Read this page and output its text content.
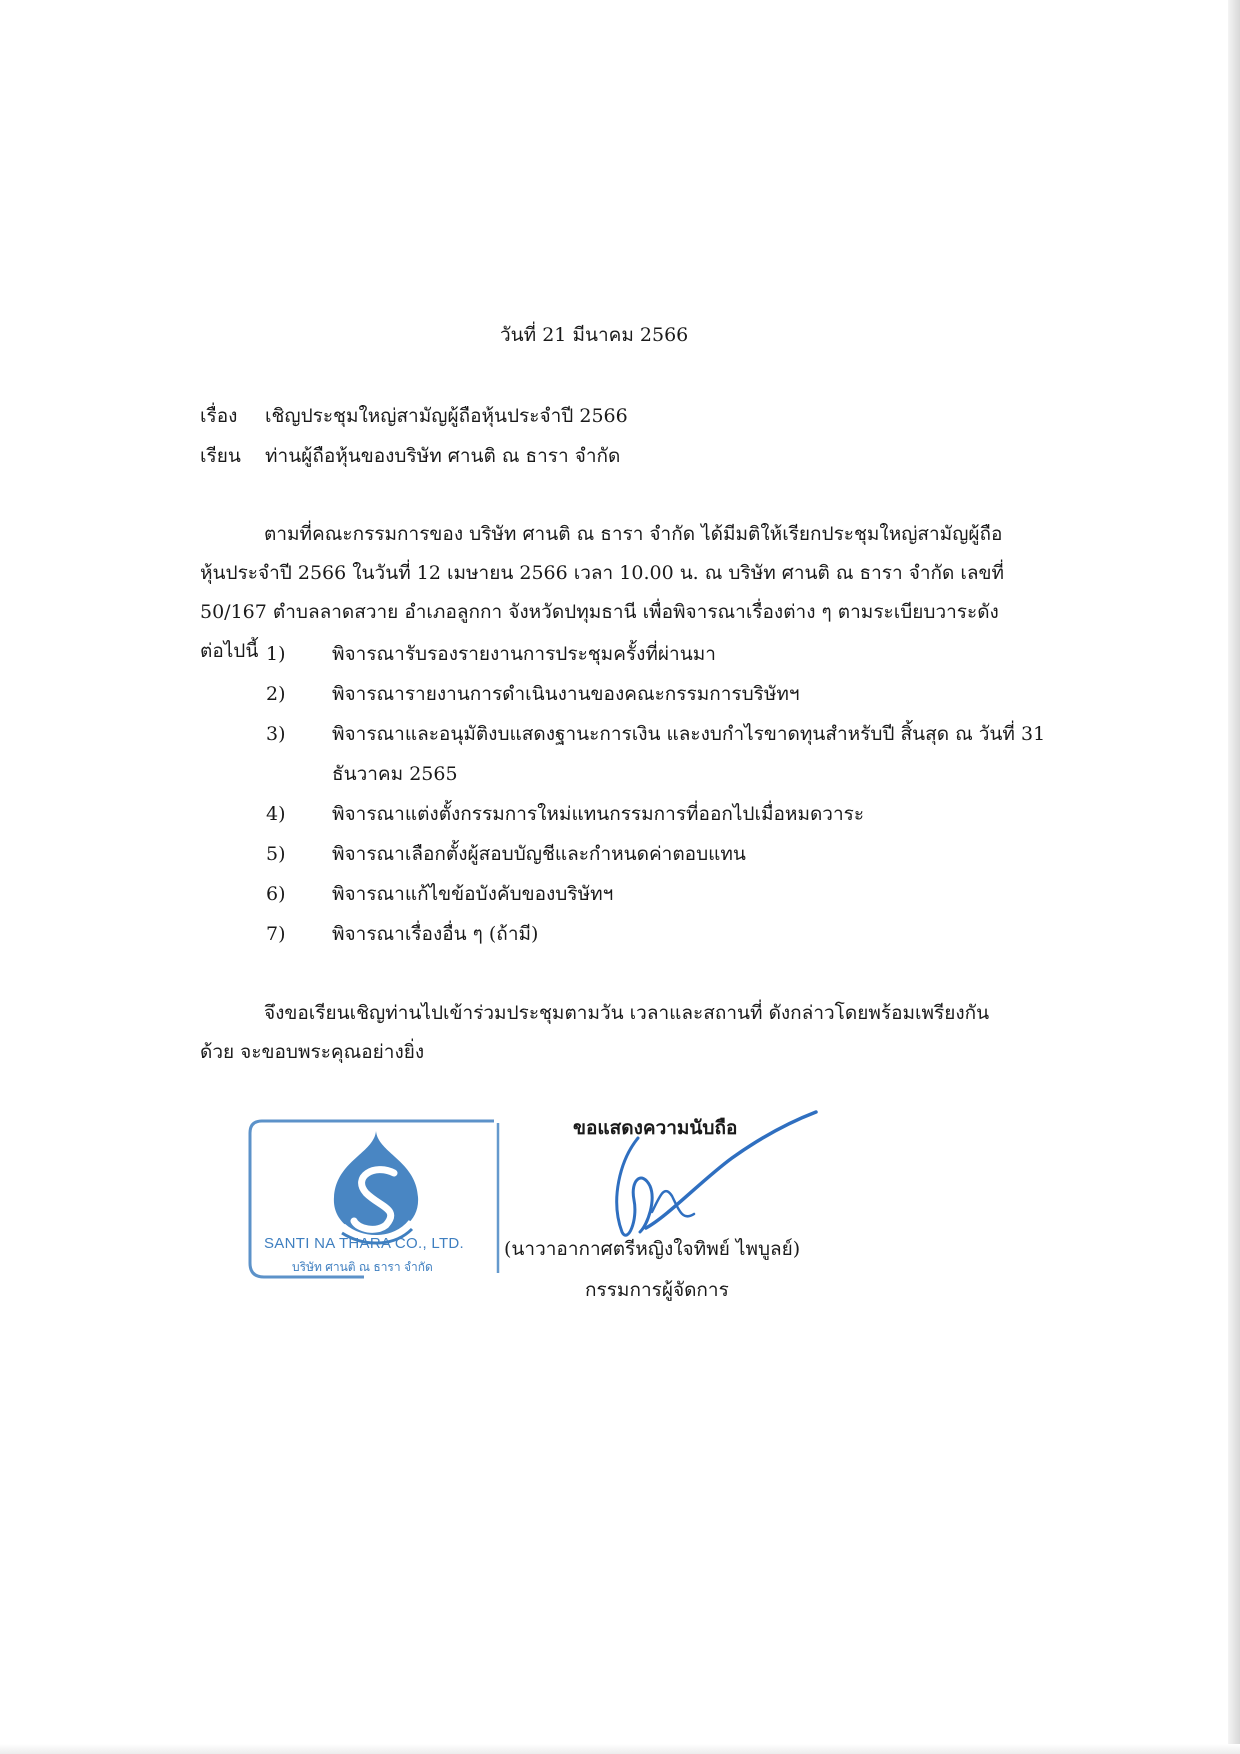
วันที่ 21 มีนาคม 2566
เรื่อง เชิญประชุมใหญ่สามัญผู้ถือหุ้นประจำปี 2566
เรียน ท่านผู้ถือหุ้นของบริษัท ศานติ ณ ธารา จำกัด
ตามที่คณะกรรมการของ บริษัท ศานติ ณ ธารา จำกัด ได้มีมติให้เรียกประชุมใหญ่สามัญผู้ถือหุ้นประจำปี 2566 ในวันที่ 12 เมษายน 2566 เวลา 10.00 น. ณ บริษัท ศานติ ณ ธารา จำกัด เลขที่ 50/167 ตำบลลาดสวาย อำเภอลูกกา จังหวัดปทุมธานี เพื่อพิจารณาเรื่องต่าง ๆ ตามระเบียบวาระดังต่อไปนี้ 1) พิจารณารับรองรายงานการประชุมครั้งที่ผ่านมา
2) พิจารณารายงานการดำเนินงานของคณะกรรมการบริษัทฯ
3) พิจารณาและอนุมัติงบแสดงฐานะการเงิน และงบกำไรขาดทุนสำหรับปี สิ้นสุด ณ วันที่ 31 ธันวาคม 2565
4) พิจารณาแต่งตั้งกรรมการใหม่แทนกรรมการที่ออกไปเมื่อหมดวาระ
5) พิจารณาเลือกตั้งผู้สอบบัญชีและกำหนดค่าตอบแทน
6) พิจารณาแก้ไขข้อบังคับของบริษัทฯ
7) พิจารณาเรื่องอื่น ๆ (ถ้ามี)
จึงขอเรียนเชิญท่านไปเข้าร่วมประชุมตามวัน เวลาและสถานที่ ดังกล่าวโดยพร้อมเพรียงกันด้วย จะขอบพระคุณอย่างยิ่ง
SANTI NA THARA CO., LTD.
บริษัท ศานติ ณ ธารา จำกัด
ขอแสดงความนับถือ
(นาวาอากาศตรีหญิงใจทิพย์ ไพบูลย์)
กรรมการผู้จัดการ
